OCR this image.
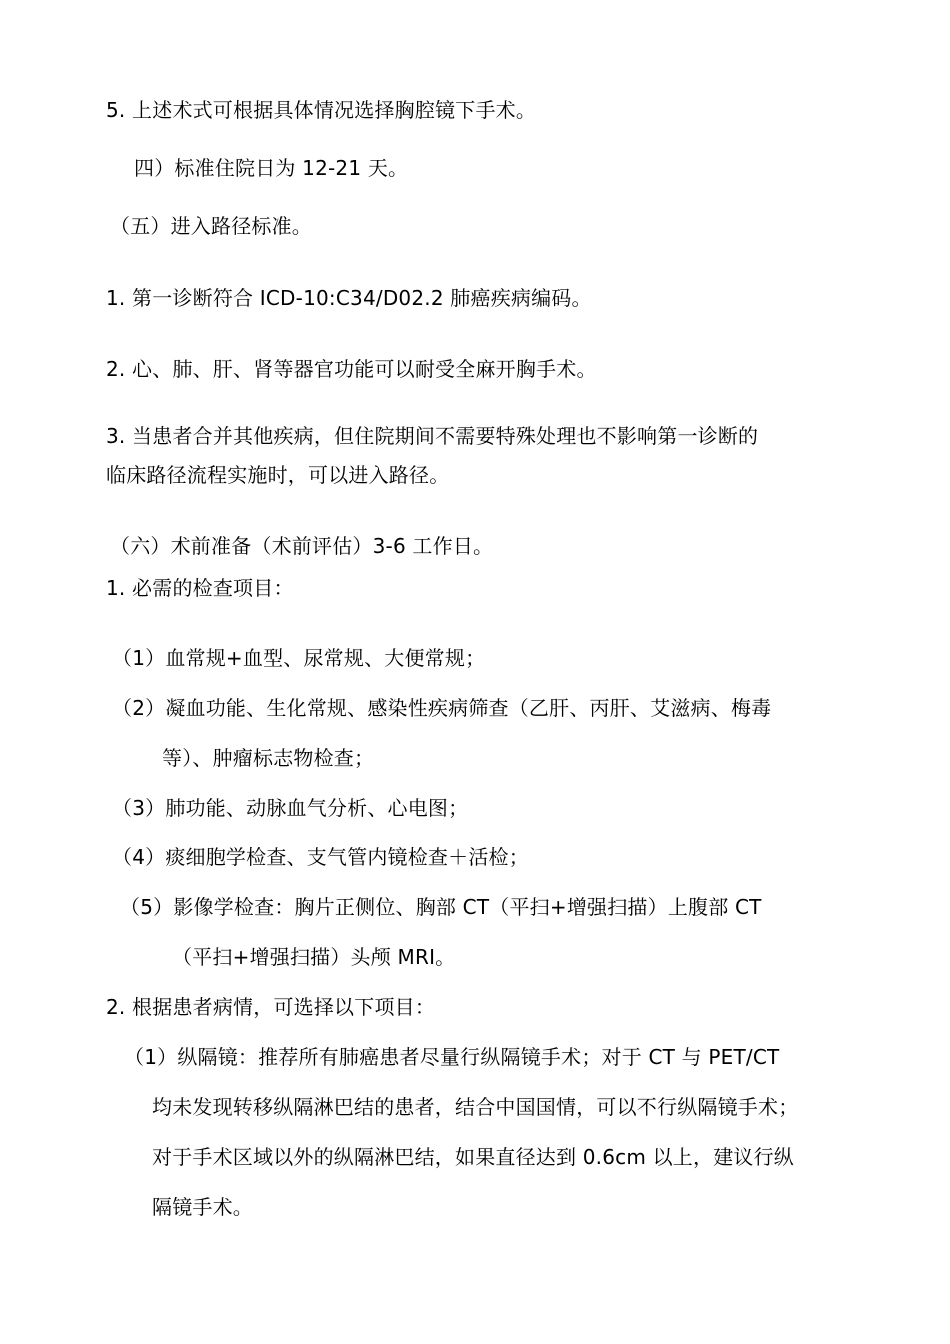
5. 上述术式可根据具体情况选择胸腔镜下手术。
四）标准住院日为 12-21 天。
（五）进入路径标准。
1. 第一诊断符合 ICD-10:C34/D02.2 肺癌疾病编码。
2. 心、肺、肝、肾等器官功能可以耐受全麻开胸手术。
3. 当患者合并其他疾病，但住院期间不需要特殊处理也不影响第一诊断的
临床路径流程实施时，可以进入路径。
（六）术前准备（术前评估）3-6 工作日。
1. 必需的检查项目：
（1）血常规+血型、尿常规、大便常规；
（2）凝血功能、生化常规、感染性疾病筛查（乙肝、丙肝、艾滋病、梅毒
等）、肿瘤标志物检查；
（3）肺功能、动脉血气分析、心电图；
（4）痰细胞学检查、支气管内镜检查＋活检；
（5）影像学检查：胸片正侧位、胸部 CT（平扫+增强扫描）上腹部 CT
（平扫+增强扫描）头颅 MRI。
2. 根据患者病情，可选择以下项目：
（1）纵隔镜：推荐所有肺癌患者尽量行纵隔镜手术；对于 CT 与 PET/CT
均未发现转移纵隔淋巴结的患者，结合中国国情，可以不行纵隔镜手术；
对于手术区域以外的纵隔淋巴结，如果直径达到 0.6cm 以上，建议行纵
隔镜手术。
